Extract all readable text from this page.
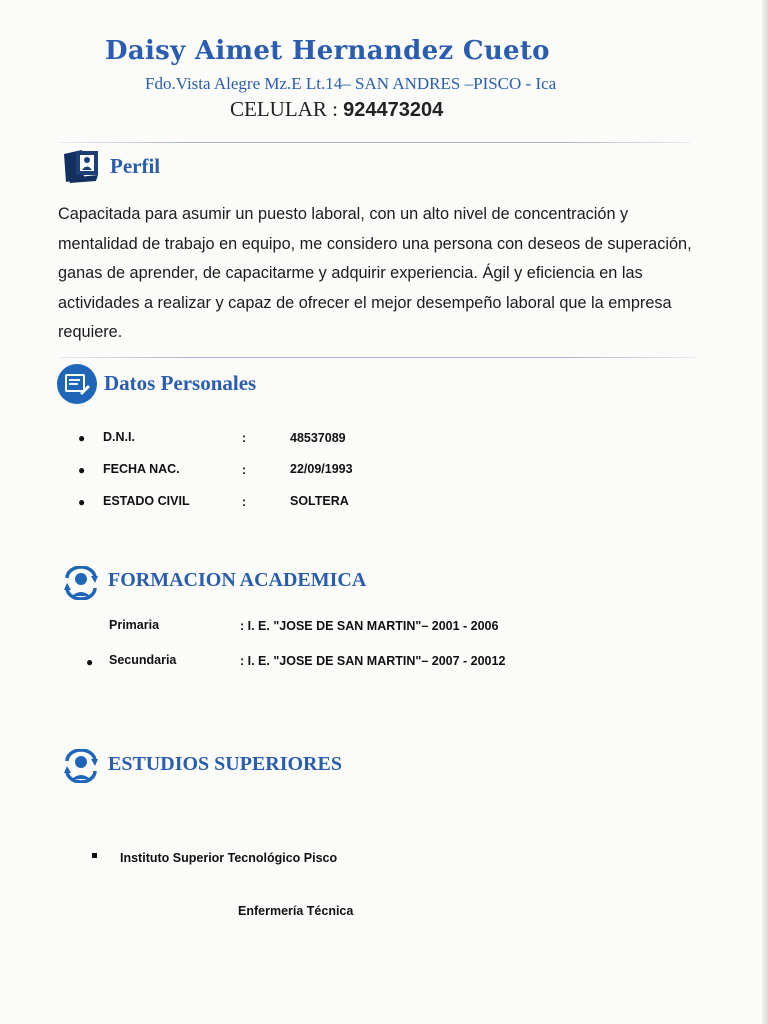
Daisy Aimet Hernandez Cueto
Fdo.Vista Alegre Mz.E Lt.14– SAN ANDRES –PISCO - Ica
CELULAR : 924473204
Perfil
Capacitada para asumir un puesto laboral, con un alto nivel de concentración y mentalidad de trabajo en equipo, me considero una persona con deseos de superación, ganas de aprender, de capacitarme y adquirir experiencia. Ágil y eficiencia en las actividades a realizar y capaz de ofrecer el mejor desempeño laboral que la empresa requiere.
Datos Personales
● D.N.I.	:	48537089
● FECHA NAC.	:	22/09/1993
● ESTADO CIVIL	:	SOLTERA
FORMACION ACADEMICA
Primaria	: I. E. "JOSE DE SAN MARTIN"– 2001 - 2006
● Secundaria	: I. E. "JOSE DE SAN MARTIN"– 2007 - 20012
ESTUDIOS SUPERIORES
Instituto Superior Tecnológico Pisco
Enfermería Técnica
